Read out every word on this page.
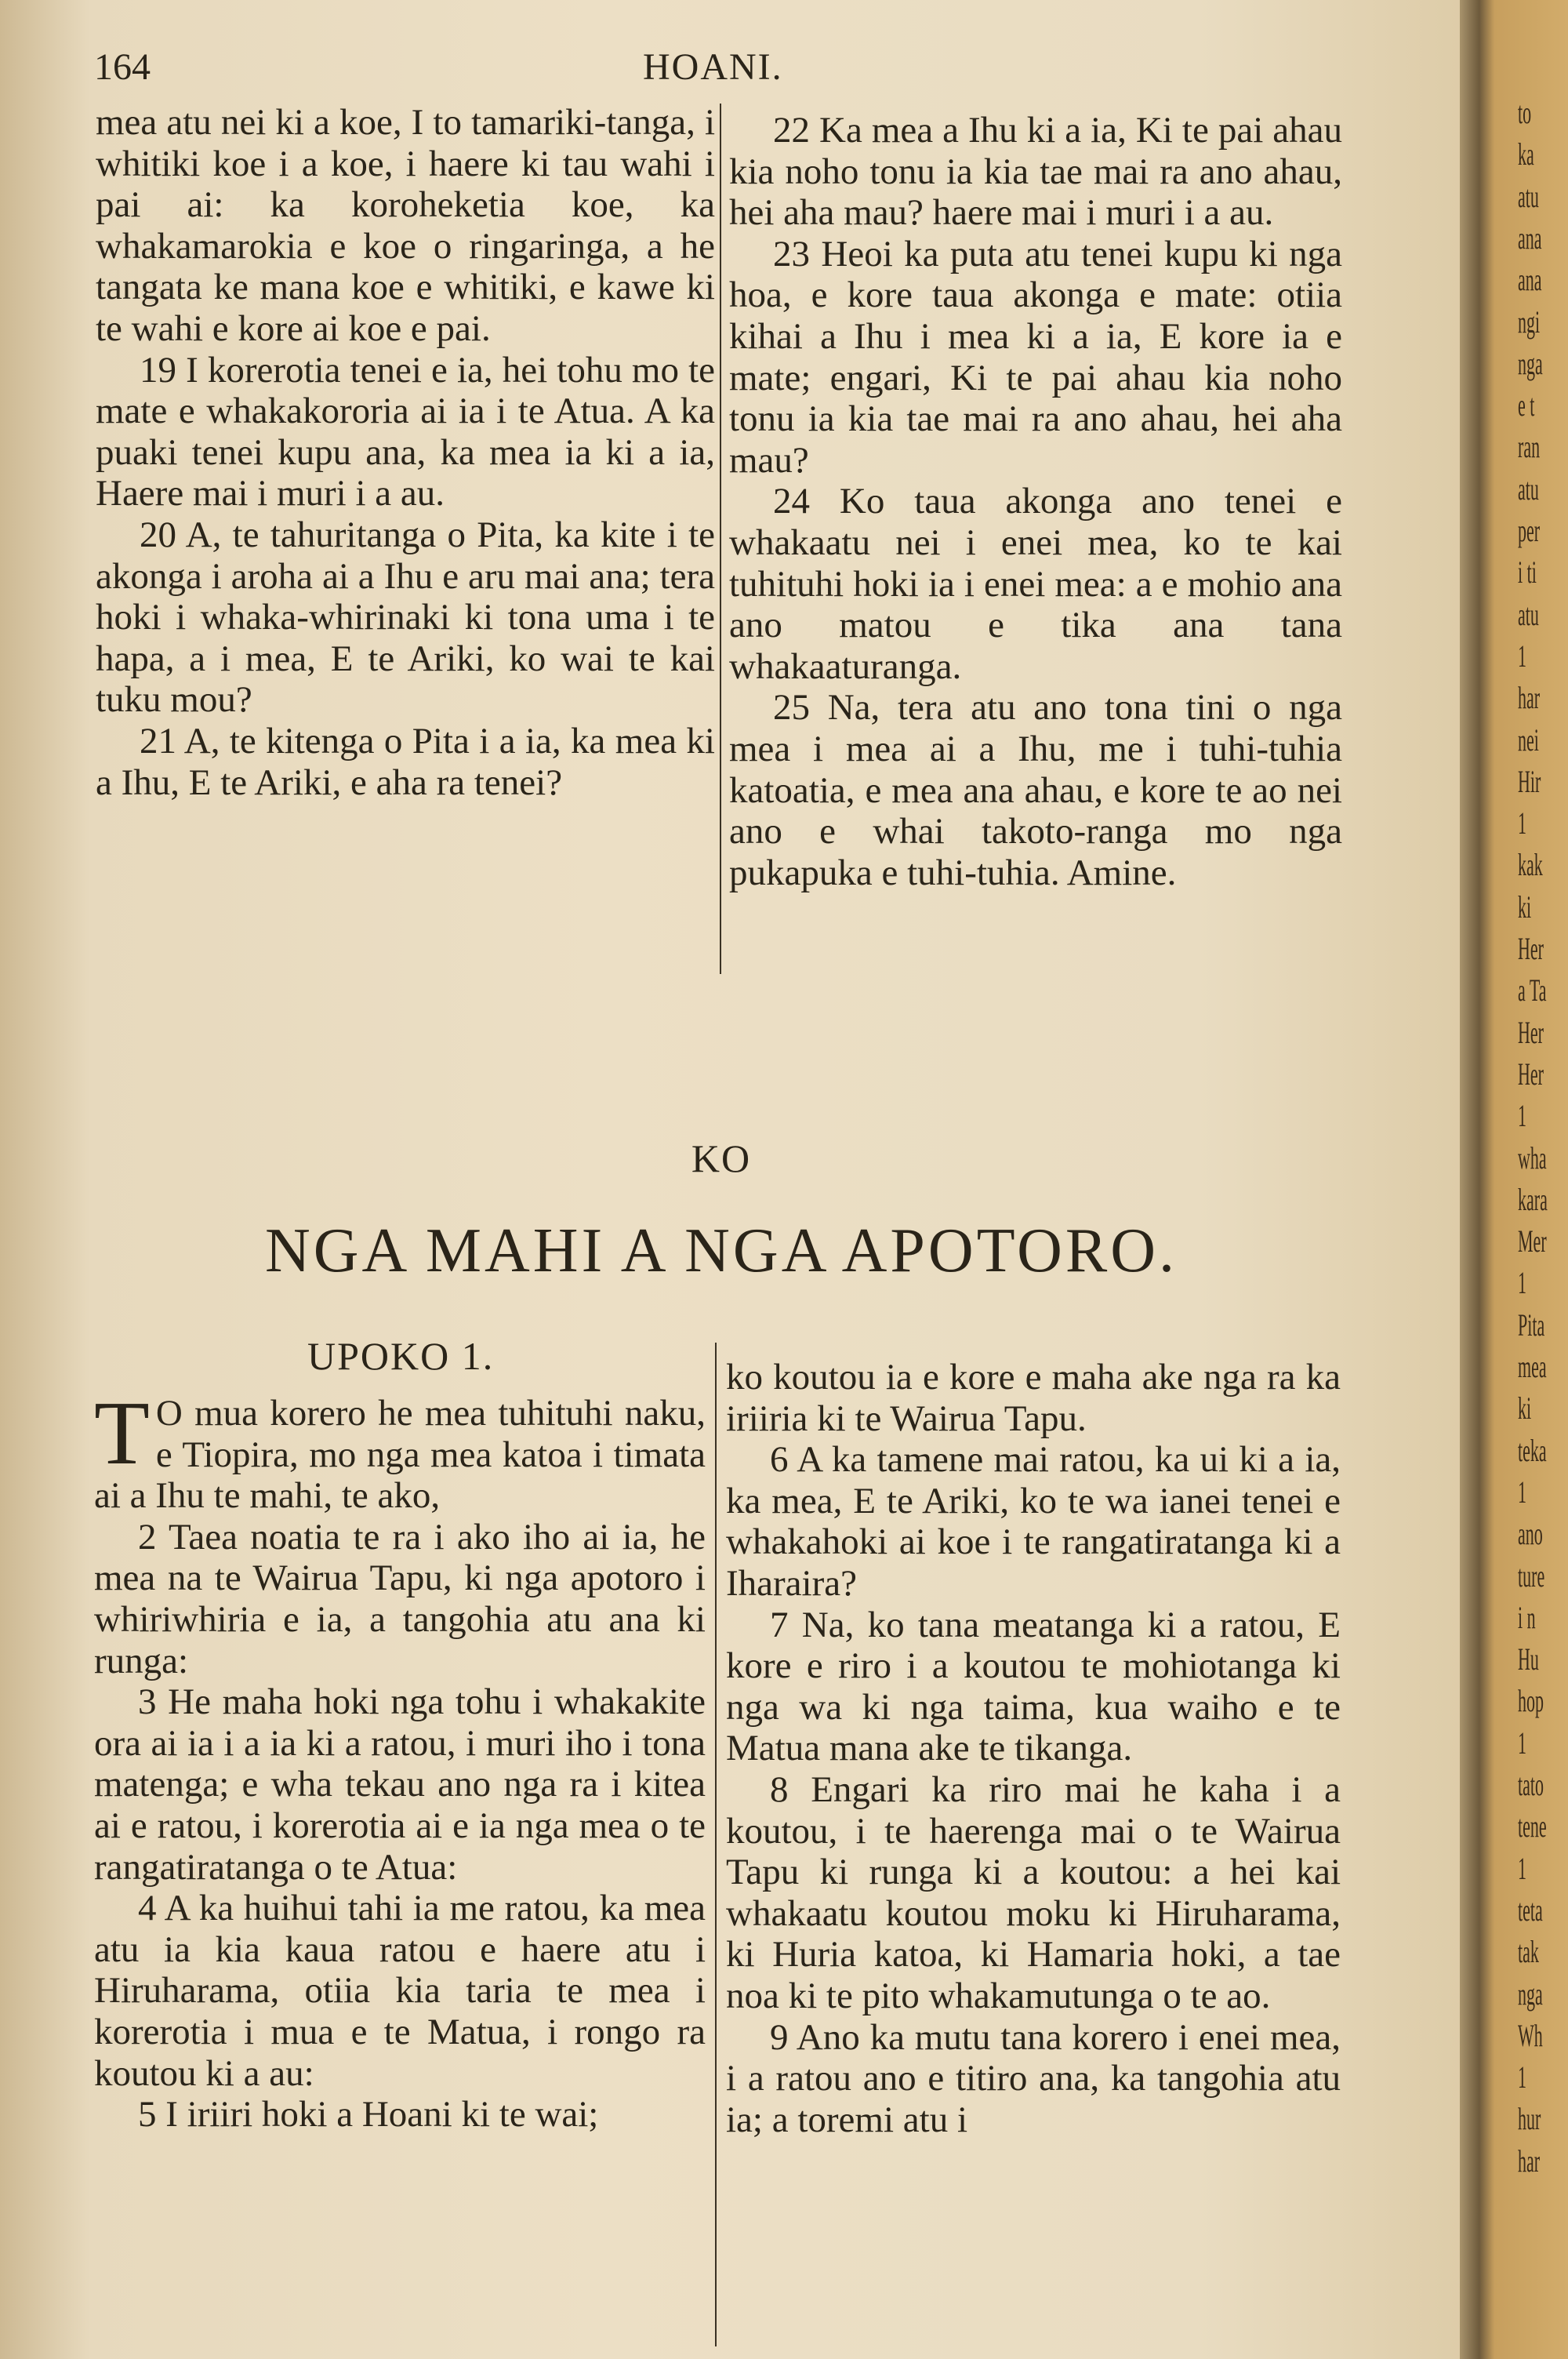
164	HOANI.

mea atu nei ki a koe, I to tamariki-tanga, i whitiki koe i a koe, i haere ki tau wahi i pai ai: ka koroheketia koe, ka whakamarokia e koe o ringaringa, a he tangata ke mana koe e whitiki, e kawe ki te wahi e kore ai koe e pai.

19 I korerotia tenei e ia, hei tohu mo te mate e whakakororia ai ia i te Atua. A ka puaki tenei kupu ana, ka mea ia ki a ia, Haere mai i muri i a au.

20 A, te tahuritanga o Pita, ka kite i te akonga i aroha ai a Ihu e aru mai ana; tera hoki i whaka-whirinaki ki tona uma i te hapa, a i mea, E te Ariki, ko wai te kai tuku mou?

21 A, te kitenga o Pita i a ia, ka mea ki a Ihu, E te Ariki, e aha ra tenei?

22 Ka mea a Ihu ki a ia, Ki te pai ahau kia noho tonu ia kia tae mai ra ano ahau, hei aha mau? haere mai i muri i a au.

23 Heoi ka puta atu tenei kupu ki nga hoa, e kore taua akonga e mate: otiia kihai a Ihu i mea ki a ia, E kore ia e mate; engari, Ki te pai ahau kia noho tonu ia kia tae mai ra ano ahau, hei aha mau?

24 Ko taua akonga ano tenei e whakaatu nei i enei mea, ko te kai tuhituhi hoki ia i enei mea: a e mohio ana ano matou e tika ana tana whakaaturanga.

25 Na, tera atu ano tona tini o nga mea i mea ai a Ihu, me i tuhi-tuhia katoatia, e mea ana ahau, e kore te ao nei ano e whai takoto-ranga mo nga pukapuka e tuhi-tuhia. Amine.

KO
NGA MAHI A NGA APOTORO.
UPOKO 1.

T O mua korero he mea tuhituhi naku, e Tiopira, mo nga mea katoa i timata ai a Ihu te mahi, te ako,

2 Taea noatia te ra i ako iho ai ia, he mea na te Wairua Tapu, ki nga apotoro i whiriwhiria e ia, a tangohia atu ana ki runga:

3 He maha hoki nga tohu i whakakite ora ai ia i a ia ki a ratou, i muri iho i tona matenga; e wha tekau ano nga ra i kitea ai e ratou, i korerotia ai e ia nga mea o te rangatiratanga o te Atua:

4 A ka huihui tahi ia me ratou, ka mea atu ia kia kaua ratou e haere atu i Hiruharama, otiia kia taria te mea i korerotia i mua e te Matua, i rongo ra koutou ki a au:

5 I iriiri hoki a Hoani ki te wai;

ko koutou ia e kore e maha ake nga ra ka iriiria ki te Wairua Tapu.

6 A ka tamene mai ratou, ka ui ki a ia, ka mea, E te Ariki, ko te wa ianei tenei e whakahoki ai koe i te rangatiratanga ki a Iharaira?

7 Na, ko tana meatanga ki a ratou, E kore e riro i a koutou te mohiotanga ki nga wa ki nga taima, kua waiho e te Matua mana ake te tikanga.

8 Engari ka riro mai he kaha i a koutou, i te haerenga mai o te Wairua Tapu ki runga ki a koutou: a hei kai whakaatu koutou moku ki Hiruharama, ki Huria katoa, ki Hamaria hoki, a tae noa ki te pito whakamutunga o te ao.

9 Ano ka mutu tana korero i enei mea, i a ratou ano e titiro ana, ka tangohia atu ia; a toremi atu i

to
ka
atu
ana
ana
ngi
nga
e t
ran
atu
per
i ti
atu
1
har
nei
Hir
1
kak
ki
Her
a Ta
Her
Her
1
wha
kara
Mer
1
Pita
mea
ki
teka
1
ano
ture
i n
Hu
hop
1
tato
tene
1
teta
tak
nga
Wh
1
hur
har
